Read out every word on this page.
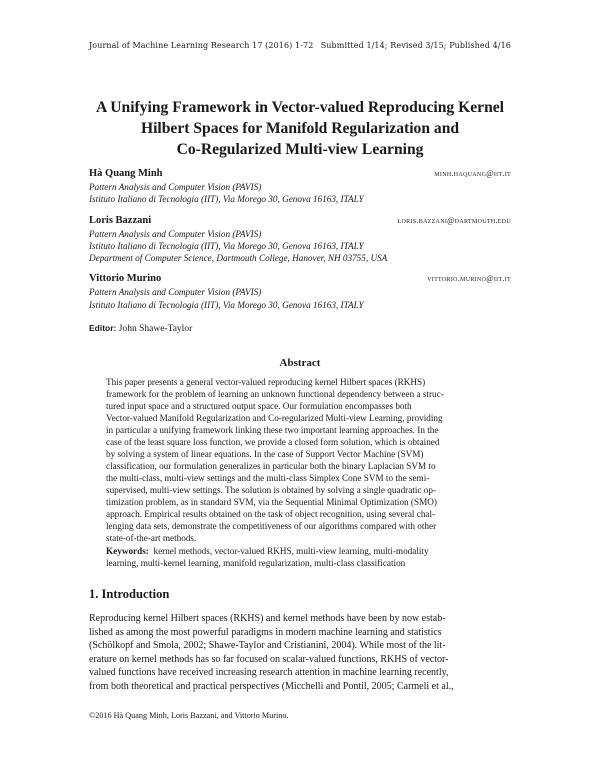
Journal of Machine Learning Research 17 (2016) 1-72 Submitted 1/14; Revised 3/15; Published 4/16
A Unifying Framework in Vector-valued Reproducing Kernel
Hilbert Spaces for Manifold Regularization and
Co-Regularized Multi-view Learning
Hà Quang Minh	minh.haquang@iit.it
Pattern Analysis and Computer Vision (PAVIS)
Istituto Italiano di Tecnologia (IIT), Via Morego 30, Genova 16163, ITALY
Loris Bazzani	loris.bazzani@dartmouth.edu
Pattern Analysis and Computer Vision (PAVIS)
Istituto Italiano di Tecnologia (IIT), Via Morego 30, Genova 16163, ITALY
Department of Computer Science, Dartmouth College, Hanover, NH 03755, USA
Vittorio Murino	vittorio.murino@iit.it
Pattern Analysis and Computer Vision (PAVIS)
Istituto Italiano di Tecnologia (IIT), Via Morego 30, Genova 16163, ITALY
Editor: John Shawe-Taylor
Abstract
This paper presents a general vector-valued reproducing kernel Hilbert spaces (RKHS)
framework for the problem of learning an unknown functional dependency between a struc-
tured input space and a structured output space. Our formulation encompasses both
Vector-valued Manifold Regularization and Co-regularized Multi-view Learning, providing
in particular a unifying framework linking these two important learning approaches. In the
case of the least square loss function, we provide a closed form solution, which is obtained
by solving a system of linear equations. In the case of Support Vector Machine (SVM)
classification, our formulation generalizes in particular both the binary Laplacian SVM to
the multi-class, multi-view settings and the multi-class Simplex Cone SVM to the semi-
supervised, multi-view settings. The solution is obtained by solving a single quadratic op-
timization problem, as in standard SVM, via the Sequential Minimal Optimization (SMO)
approach. Empirical results obtained on the task of object recognition, using several chal-
lenging data sets, demonstrate the competitiveness of our algorithms compared with other
state-of-the-art methods.
Keywords: kernel methods, vector-valued RKHS, multi-view learning, multi-modality
learning, multi-kernel learning, manifold regularization, multi-class classification
1. Introduction
Reproducing kernel Hilbert spaces (RKHS) and kernel methods have been by now estab-
lished as among the most powerful paradigms in modern machine learning and statistics
(Schölkopf and Smola, 2002; Shawe-Taylor and Cristianini, 2004). While most of the lit-
erature on kernel methods has so far focused on scalar-valued functions, RKHS of vector-
valued functions have received increasing research attention in machine learning recently,
from both theoretical and practical perspectives (Micchelli and Pontil, 2005; Carmeli et al.,
©2016 Hà Quang Minh, Loris Bazzani, and Vittorio Murino.
